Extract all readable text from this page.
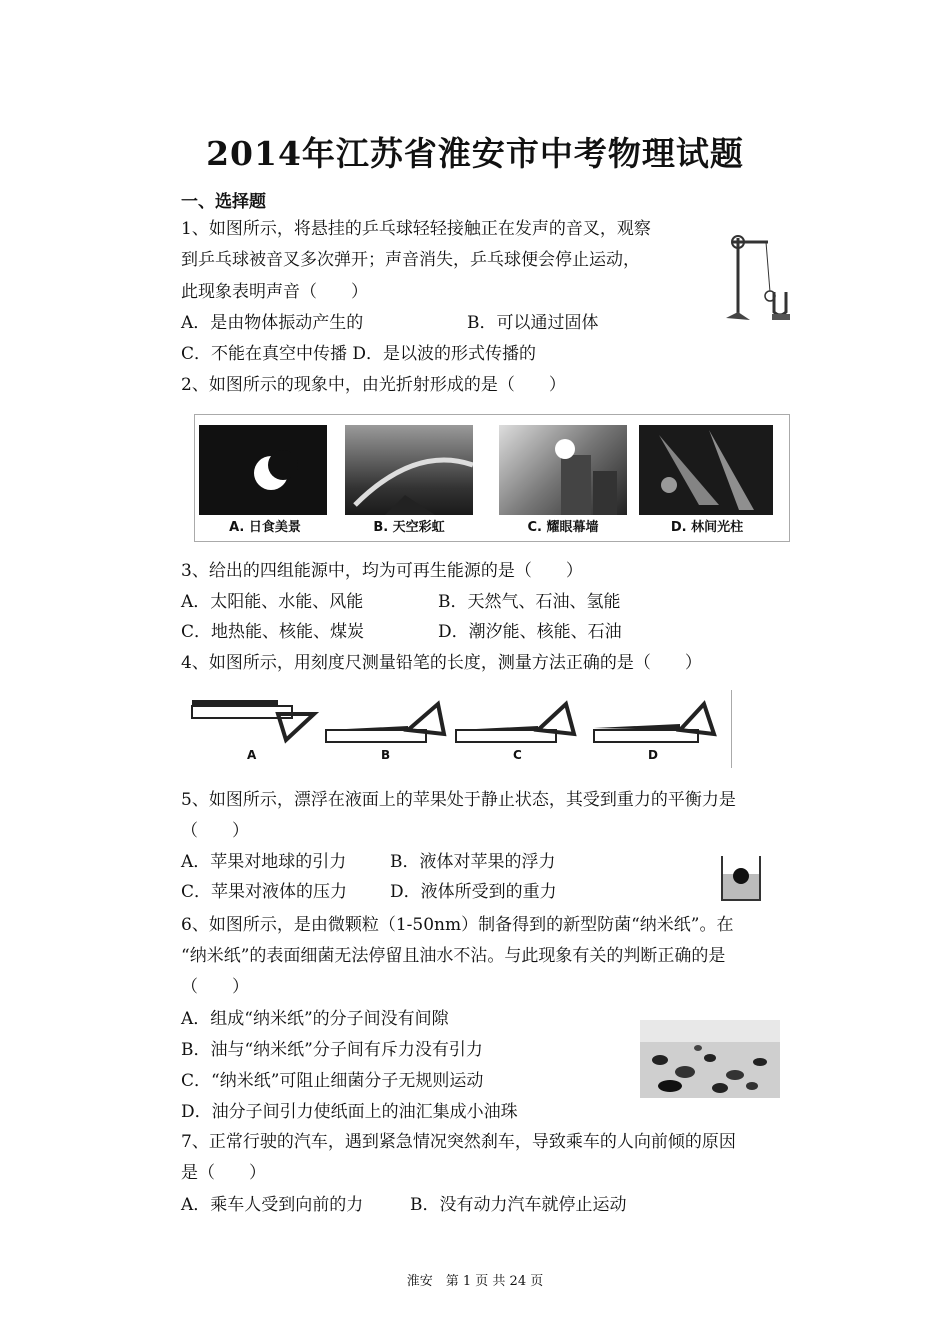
2014年江苏省淮安市中考物理试题
一、选择题
1、如图所示，将悬挂的乒乓球轻轻接触正在发声的音叉，观察
到乒乓球被音叉多次弹开；声音消失，乒乓球便会停止运动，
此现象表明声音（　　）
A．是由物体振动产生的	B．可以通过固体
C．不能在真空中传播 D．是以波的形式传播的
2、如图所示的现象中，由光折射形成的是（　　）
A. 日食美景	B. 天空彩虹	C. 耀眼幕墙	D. 林间光柱
3、给出的四组能源中，均为可再生能源的是（　　）
A．太阳能、水能、风能	B．天然气、石油、氢能
C．地热能、核能、煤炭	D．潮汐能、核能、石油
4、如图所示，用刻度尺测量铅笔的长度，测量方法正确的是（　　）
A	B	C	D
5、如图所示，漂浮在液面上的苹果处于静止状态，其受到重力的平衡力是
（　　）
A．苹果对地球的引力	B．液体对苹果的浮力
C．苹果对液体的压力	D．液体所受到的重力
6、如图所示，是由微颗粒（1-50nm）制备得到的新型防菌“纳米纸”。在
“纳米纸”的表面细菌无法停留且油水不沾。与此现象有关的判断正确的是
（　　）
A．组成“纳米纸”的分子间没有间隙
B．油与“纳米纸”分子间有斥力没有引力
C．“纳米纸”可阻止细菌分子无规则运动
D．油分子间引力使纸面上的油汇集成小油珠
7、正常行驶的汽车，遇到紧急情况突然刹车，导致乘车的人向前倾的原因
是（　　）
A．乘车人受到向前的力	B．没有动力汽车就停止运动
淮安　第 1 页 共 24 页
